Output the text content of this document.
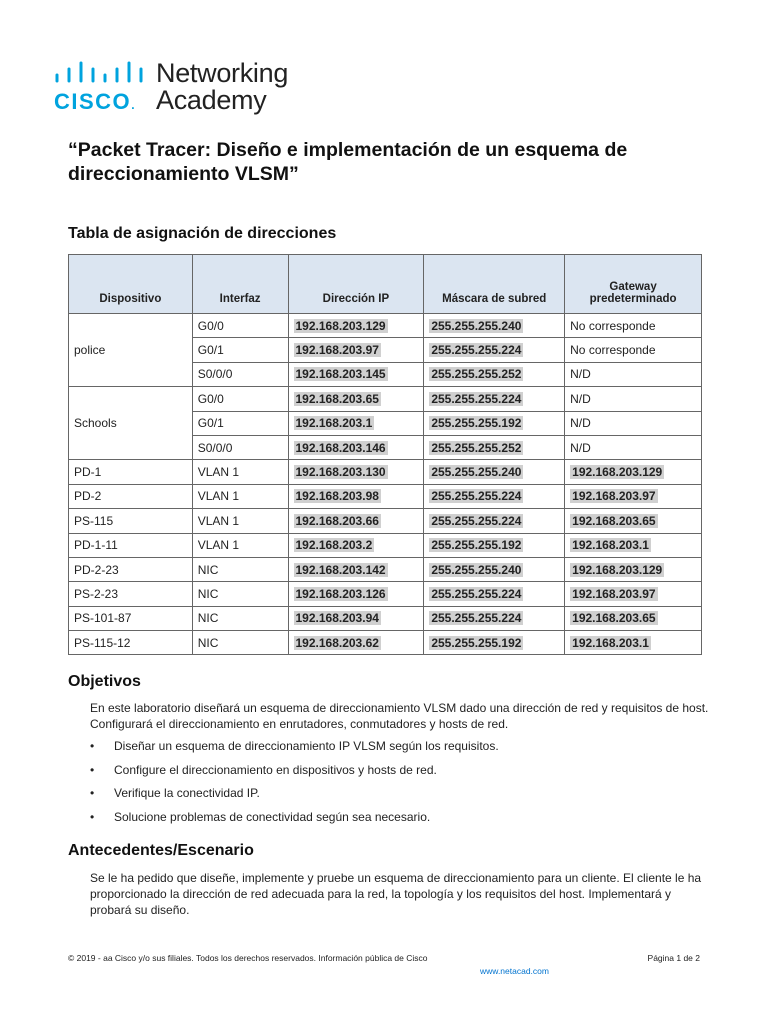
CISCO.
Networking
Academy
“Packet Tracer: Diseño e implementación de un esquema de direccionamiento VLSM”
Tabla de asignación de direcciones
Dispositivo	Interfaz	Dirección IP	Máscara de subred	Gateway predeterminado
police	G0/0	192.168.203.129	255.255.255.240	No corresponde
	G0/1	192.168.203.97	255.255.255.224	No corresponde
	S0/0/0	192.168.203.145	255.255.255.252	N/D
Schools	G0/0	192.168.203.65	255.255.255.224	N/D
	G0/1	192.168.203.1	255.255.255.192	N/D
	S0/0/0	192.168.203.146	255.255.255.252	N/D
PD-1	VLAN 1	192.168.203.130	255.255.255.240	192.168.203.129
PD-2	VLAN 1	192.168.203.98	255.255.255.224	192.168.203.97
PS-115	VLAN 1	192.168.203.66	255.255.255.224	192.168.203.65
PD-1-11	VLAN 1	192.168.203.2	255.255.255.192	192.168.203.1
PD-2-23	NIC	192.168.203.142	255.255.255.240	192.168.203.129
PS-2-23	NIC	192.168.203.126	255.255.255.224	192.168.203.97
PS-101-87	NIC	192.168.203.94	255.255.255.224	192.168.203.65
PS-115-12	NIC	192.168.203.62	255.255.255.192	192.168.203.1
Objetivos

En este laboratorio diseñará un esquema de direccionamiento VLSM dado una dirección de red y requisitos de host. Configurará el direccionamiento en enrutadores, conmutadores y hosts de red.

• Diseñar un esquema de direccionamiento IP VLSM según los requisitos.
• Configure el direccionamiento en dispositivos y hosts de red.
• Verifique la conectividad IP.
• Solucione problemas de conectividad según sea necesario.
Antecedentes/Escenario

Se le ha pedido que diseñe, implemente y pruebe un esquema de direccionamiento para un cliente. El cliente le ha proporcionado la dirección de red adecuada para la red, la topología y los requisitos del host. Implementará y probará su diseño.

© 2019 - aa Cisco y/o sus filiales. Todos los derechos reservados. Información pública de Cisco	Página 1 de 2
www.netacad.com
